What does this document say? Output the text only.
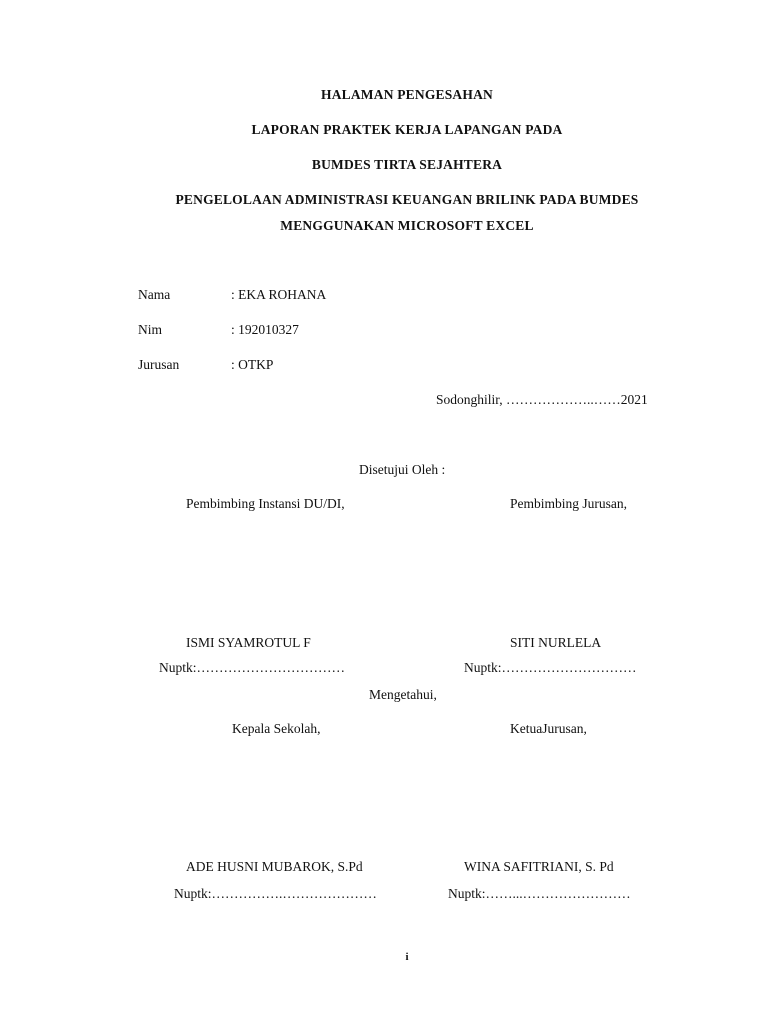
HALAMAN PENGESAHAN
LAPORAN PRAKTEK KERJA LAPANGAN PADA
BUMDES TIRTA SEJAHTERA
PENGELOLAAN ADMINISTRASI KEUANGAN BRILINK PADA BUMDES
MENGGUNAKAN MICROSOFT EXCEL
Nama	: EKA ROHANA
Nim	: 192010327
Jurusan	: OTKP
Sodonghilir, ………………..……2021
Disetujui Oleh :
Pembimbing Instansi DU/DI,	Pembimbing Jurusan,
ISMI SYAMROTUL F	SITI NURLELA
Nuptk:……………………………	Nuptk:…………………………
Mengetahui,
Kepala Sekolah,	KetuaJurusan,
ADE HUSNI MUBAROK, S.Pd	WINA SAFITRIANI, S. Pd
Nuptk:…………….…………………	Nuptk:……...……………………
i
